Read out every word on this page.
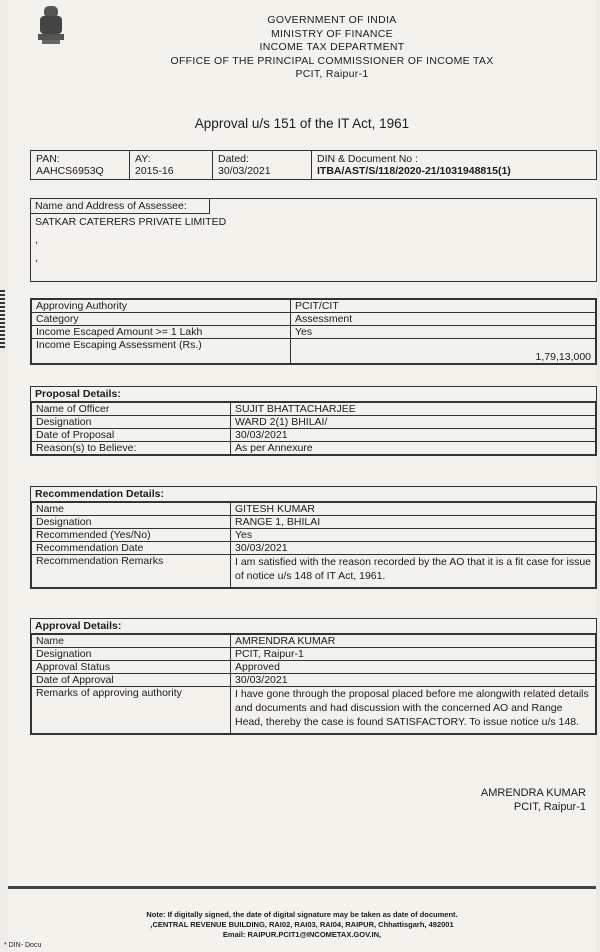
GOVERNMENT OF INDIA
MINISTRY OF FINANCE
INCOME TAX DEPARTMENT
OFFICE OF THE PRINCIPAL COMMISSIONER OF INCOME TAX
PCIT, Raipur-1
Approval u/s 151 of the IT Act, 1961
PAN:
AAHCS6953Q

AY:
2015-16

Dated:
30/03/2021

DIN & Document No :
ITBA/AST/S/118/2020-21/1031948815(1)
Name and Address of Assessee:
SATKAR CATERERS PRIVATE LIMITED
,
,
Approving Authority	PCIT/CIT
Category	Assessment
Income Escaped Amount >= 1 Lakh	Yes
Income Escaping Assessment (Rs.)	1,79,13,000
Proposal Details:
Name of Officer	SUJIT BHATTACHARJEE
Designation	WARD 2(1) BHILAI/
Date of Proposal	30/03/2021
Reason(s) to Believe:	As per Annexure
Recommendation Details:
Name	GITESH KUMAR
Designation	RANGE 1, BHILAI
Recommended (Yes/No)	Yes
Recommendation Date	30/03/2021
Recommendation Remarks	I am satisfied with the reason recorded by the AO that it is a fit case for issue of notice u/s 148 of IT Act, 1961.
Approval Details:
Name	AMRENDRA KUMAR
Designation	PCIT, Raipur-1
Approval Status	Approved
Date of Approval	30/03/2021
Remarks of approving authority	I have gone through the proposal placed before me alongwith related details and documents and had discussion with the concerned AO and Range Head, thereby the case is found SATISFACTORY. To issue notice u/s 148.
AMRENDRA KUMAR
PCIT, Raipur-1
Note: If digitally signed, the date of digital signature may be taken as date of document.
,CENTRAL REVENUE BUILDING, RAI02, RAI03, RAI04, RAIPUR, Chhattisgarh, 492001
Email: RAIPUR.PCIT1@INCOMETAX.GOV.IN,
* DIN- Docu
